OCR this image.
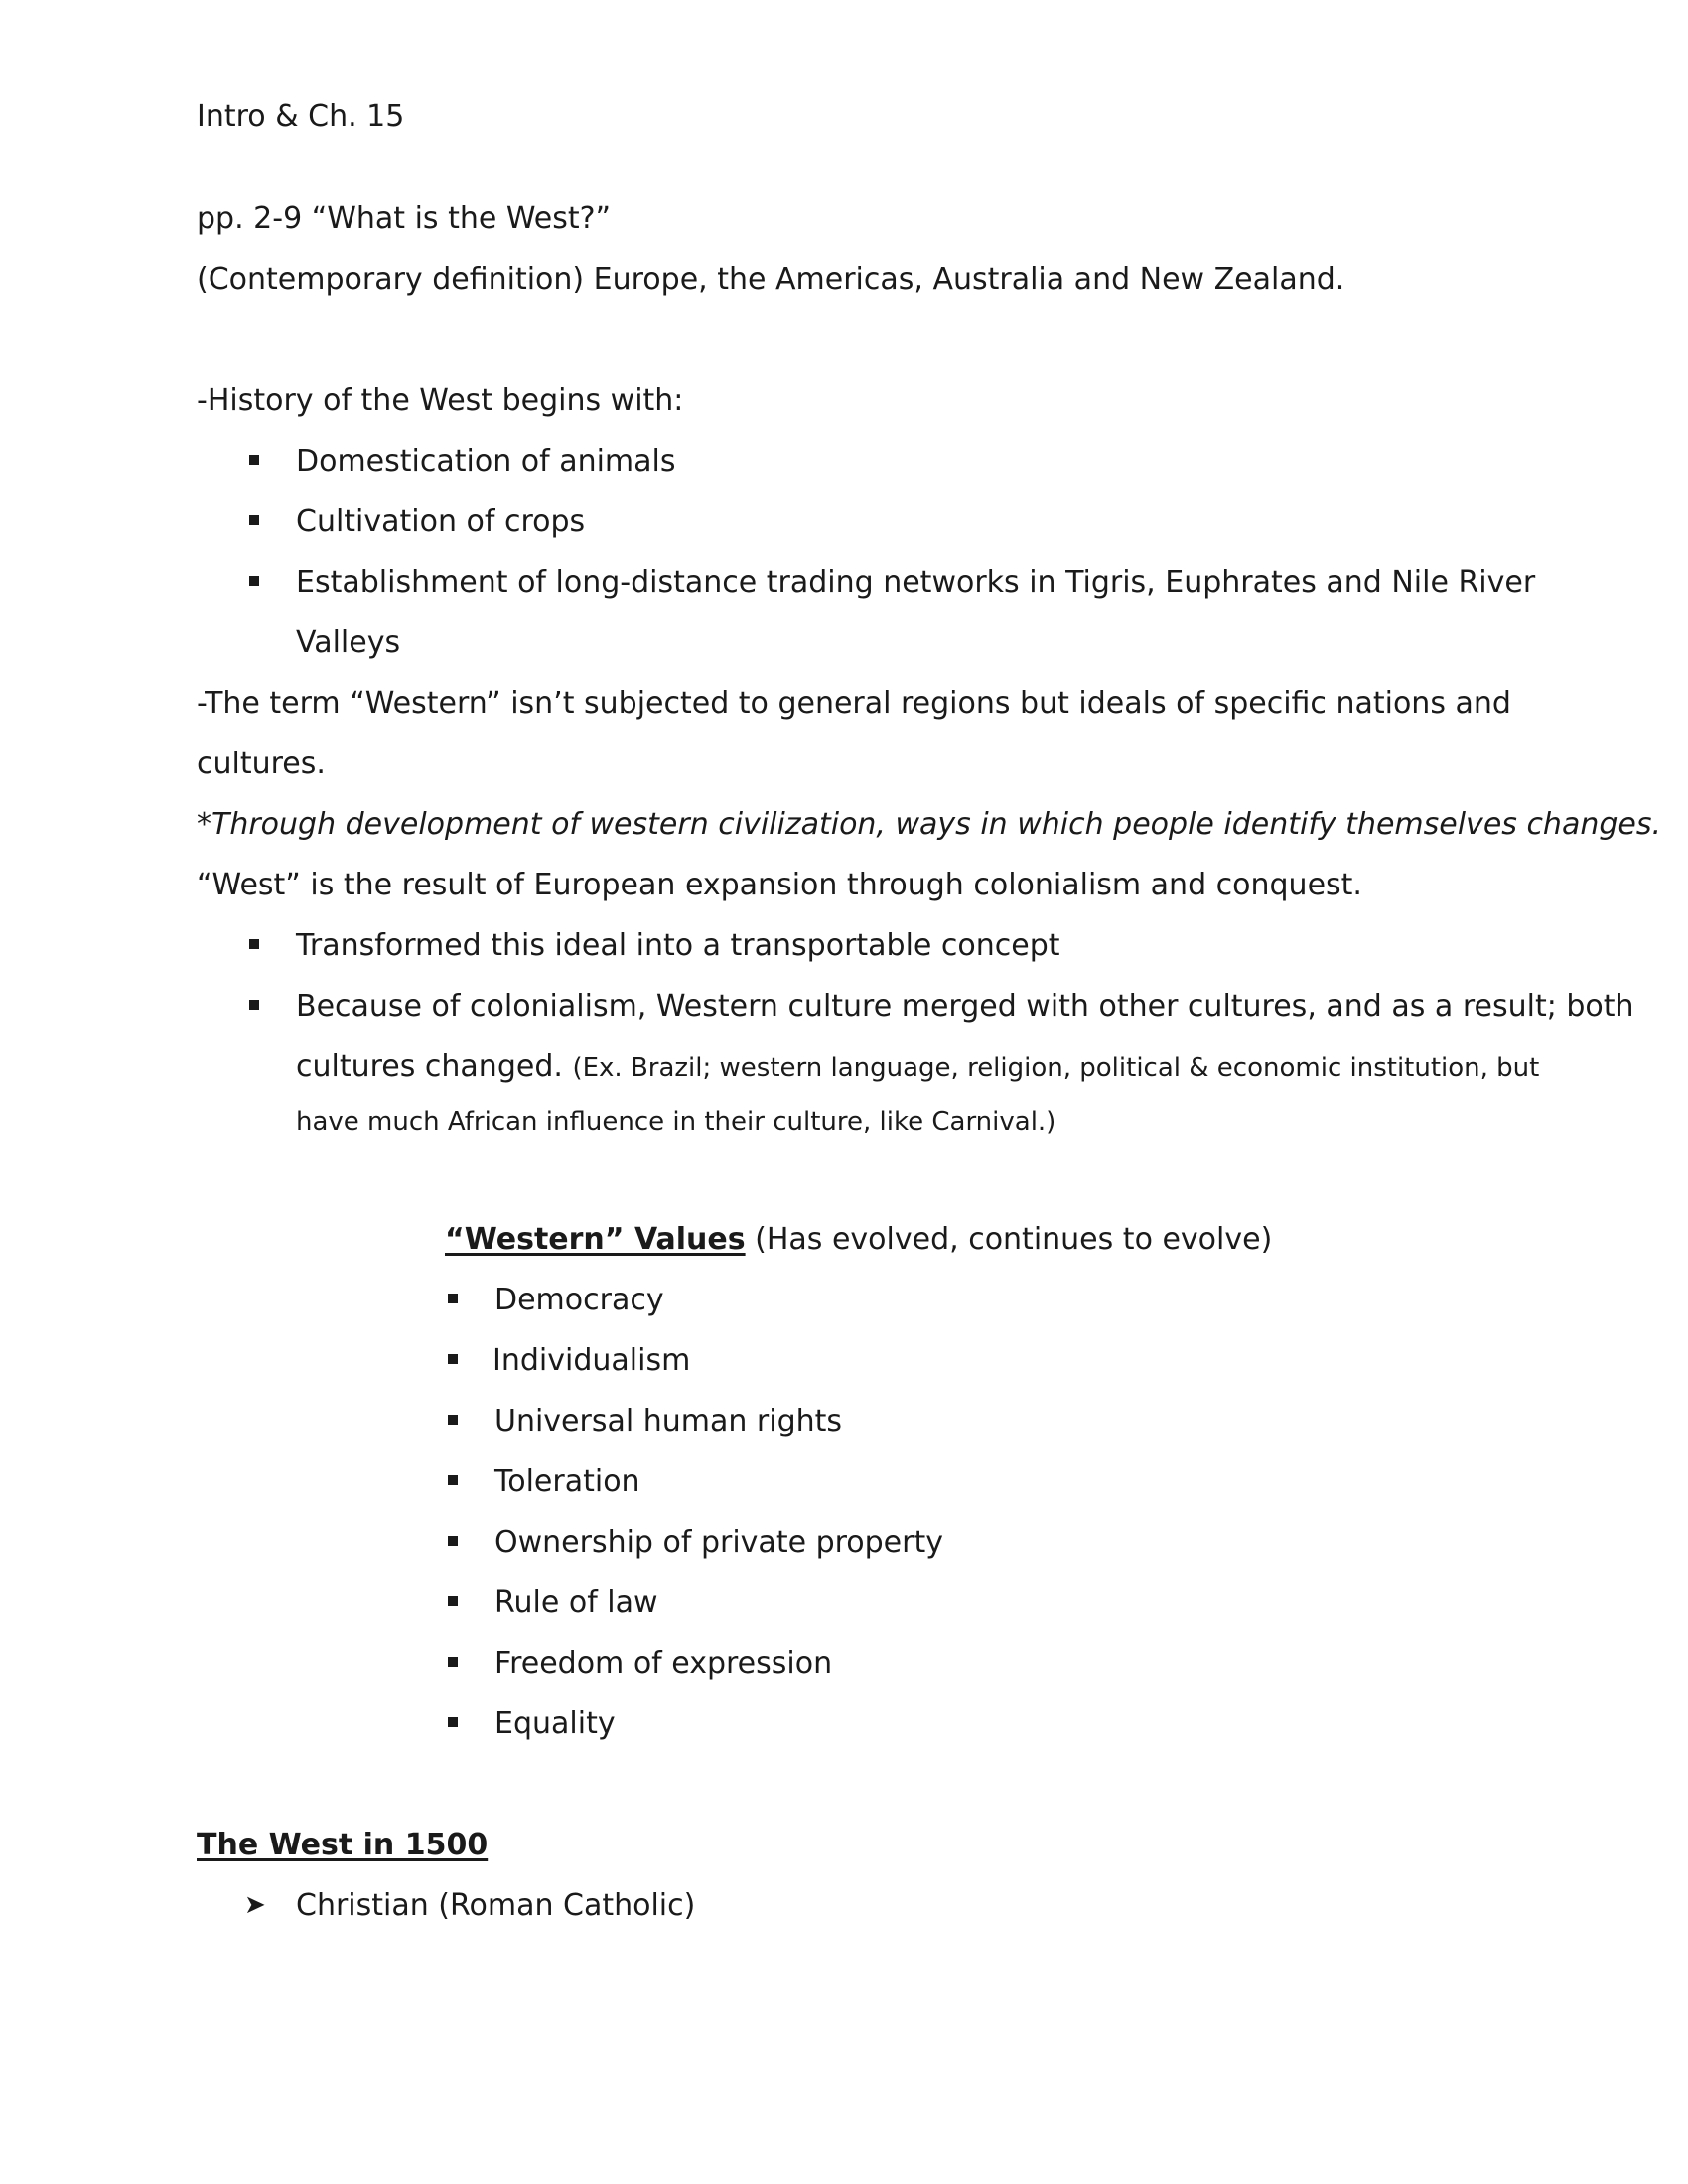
Intro & Ch. 15

pp. 2-9 “What is the West?”

(Contemporary definition) Europe, the Americas, Australia and New Zealand.

-History of the West begins with:

Domestication of animals

Cultivation of crops

Establishment of long-distance trading networks in Tigris, Euphrates and Nile River

Valleys

-The term “Western” isn’t subjected to general regions but ideals of specific nations and

cultures.

*Through development of western civilization, ways in which people identify themselves changes.

“West” is the result of European expansion through colonialism and conquest.

Transformed this ideal into a transportable concept

Because of colonialism, Western culture merged with other cultures, and as a result; both

cultures changed. (Ex. Brazil; western language, religion, political & economic institution, but

have much African influence in their culture, like Carnival.)

“Western” Values (Has evolved, continues to evolve)

Democracy

Individualism

Universal human rights

Toleration

Ownership of private property

Rule of law

Freedom of expression

Equality

The West in 1500

➤ Christian (Roman Catholic)
